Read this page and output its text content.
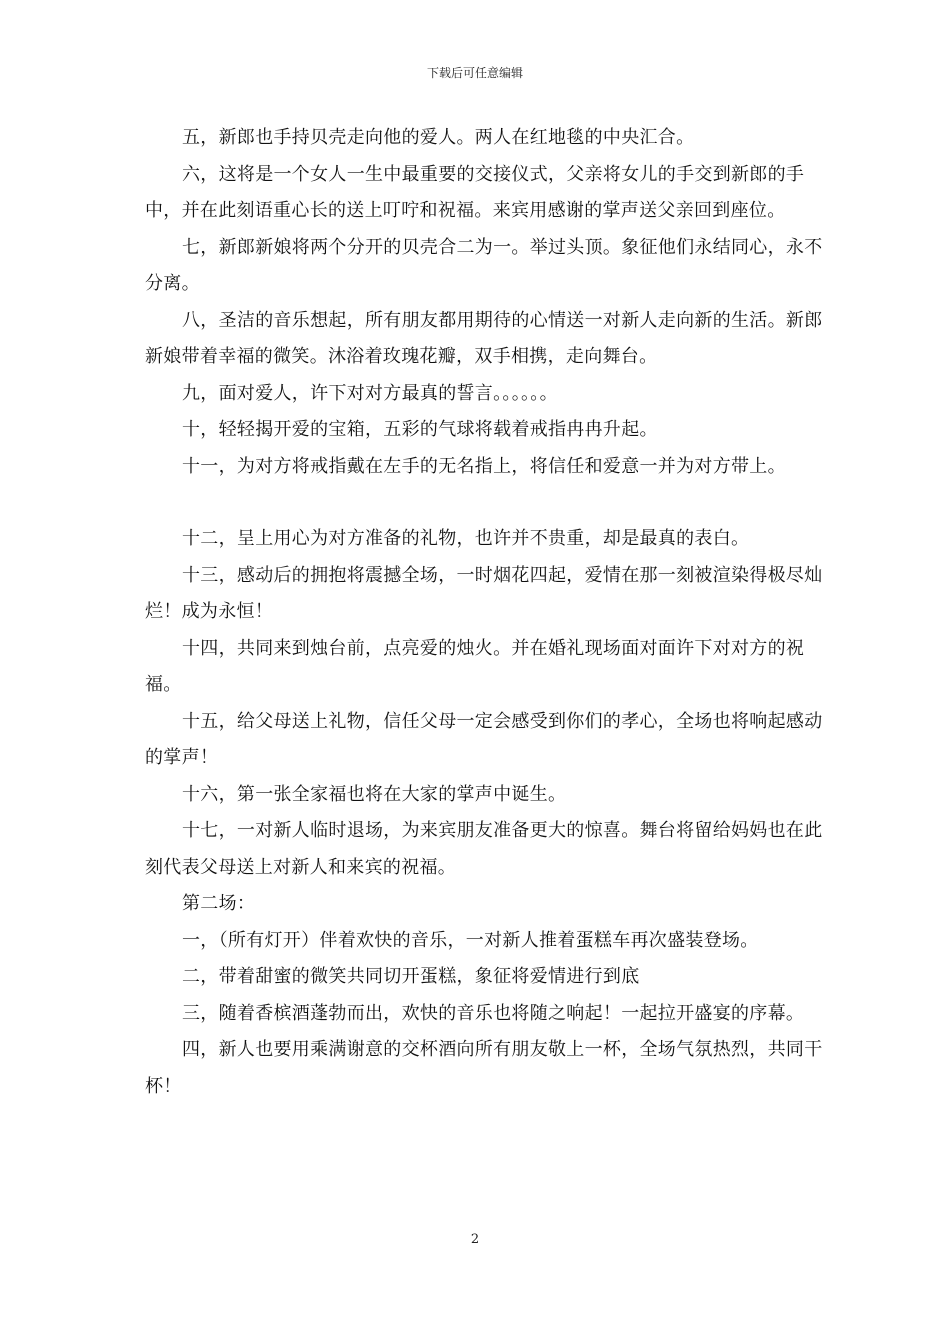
下载后可任意编辑

五，新郎也手持贝壳走向他的爱人。两人在红地毯的中央汇合。

六，这将是一个女人一生中最重要的交接仪式，父亲将女儿的手交到新郎的手中，并在此刻语重心长的送上叮咛和祝福。来宾用感谢的掌声送父亲回到座位。

七，新郎新娘将两个分开的贝壳合二为一。举过头顶。象征他们永结同心，永不分离。

八，圣洁的音乐想起，所有朋友都用期待的心情送一对新人走向新的生活。新郎新娘带着幸福的微笑。沐浴着玫瑰花瓣，双手相携，走向舞台。

九，面对爱人，许下对对方最真的誓言。。。。。。

十，轻轻揭开爱的宝箱，五彩的气球将载着戒指冉冉升起。

十一，为对方将戒指戴在左手的无名指上，将信任和爱意一并为对方带上。

十二，呈上用心为对方准备的礼物，也许并不贵重，却是最真的表白。

十三，感动后的拥抱将震撼全场，一时烟花四起，爱情在那一刻被渲染得极尽灿烂！成为永恒！

十四，共同来到烛台前，点亮爱的烛火。并在婚礼现场面对面许下对对方的祝福。

十五，给父母送上礼物，信任父母一定会感受到你们的孝心，全场也将响起感动的掌声！

十六，第一张全家福也将在大家的掌声中诞生。

十七，一对新人临时退场，为来宾朋友准备更大的惊喜。舞台将留给妈妈也在此刻代表父母送上对新人和来宾的祝福。

第二场：

一，（所有灯开）伴着欢快的音乐，一对新人推着蛋糕车再次盛装登场。

二，带着甜蜜的微笑共同切开蛋糕，象征将爱情进行到底

三，随着香槟酒蓬勃而出，欢快的音乐也将随之响起！一起拉开盛宴的序幕。

四，新人也要用乘满谢意的交杯酒向所有朋友敬上一杯，全场气氛热烈，共同干杯！

2
